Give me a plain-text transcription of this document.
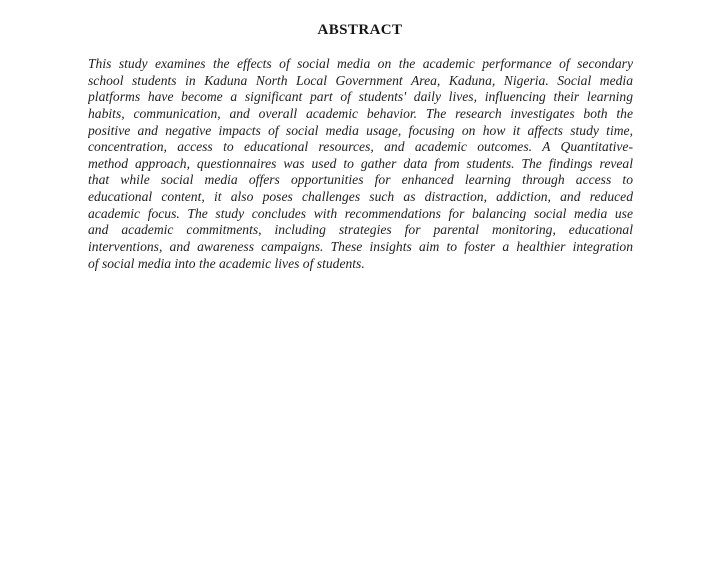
ABSTRACT
This study examines the effects of social media on the academic performance of secondary
school students in Kaduna North Local Government Area, Kaduna, Nigeria. Social media
platforms have become a significant part of students' daily lives, influencing their learning
habits, communication, and overall academic behavior. The research investigates both the
positive and negative impacts of social media usage, focusing on how it affects study time,
concentration, access to educational resources, and academic outcomes. A Quantitative-
method approach, questionnaires was used to gather data from students. The findings reveal
that while social media offers opportunities for enhanced learning through access to
educational content, it also poses challenges such as distraction, addiction, and reduced
academic focus. The study concludes with recommendations for balancing social media use
and academic commitments, including strategies for parental monitoring, educational
interventions, and awareness campaigns. These insights aim to foster a healthier integration
of social media into the academic lives of students.
